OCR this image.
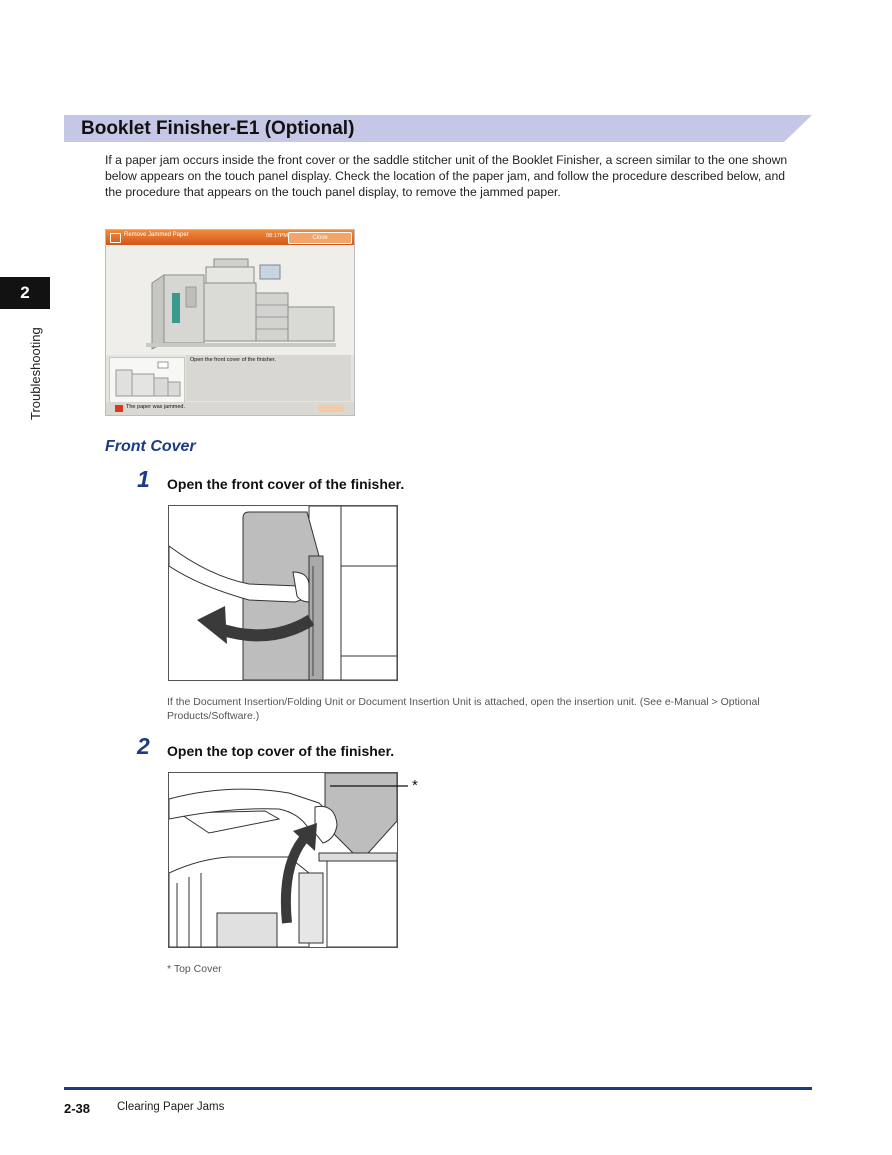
Booklet Finisher-E1 (Optional)
If a paper jam occurs inside the front cover or the saddle stitcher unit of the Booklet Finisher, a screen similar to the one shown below appears on the touch panel display. Check the location of the paper jam, and follow the procedure described below, and the procedure that appears on the touch panel display, to remove the jammed paper.
2
Troubleshooting
Remove Jammed Paper	08:17PM	Close
Open the front cover of the finisher.
The paper was jammed.
Front Cover
1 Open the front cover of the finisher.
If the Document Insertion/Folding Unit or Document Insertion Unit is attached, open the insertion unit. (See e-Manual > Optional Products/Software.)
2 Open the top cover of the finisher.
*
* Top Cover
2-38 Clearing Paper Jams
